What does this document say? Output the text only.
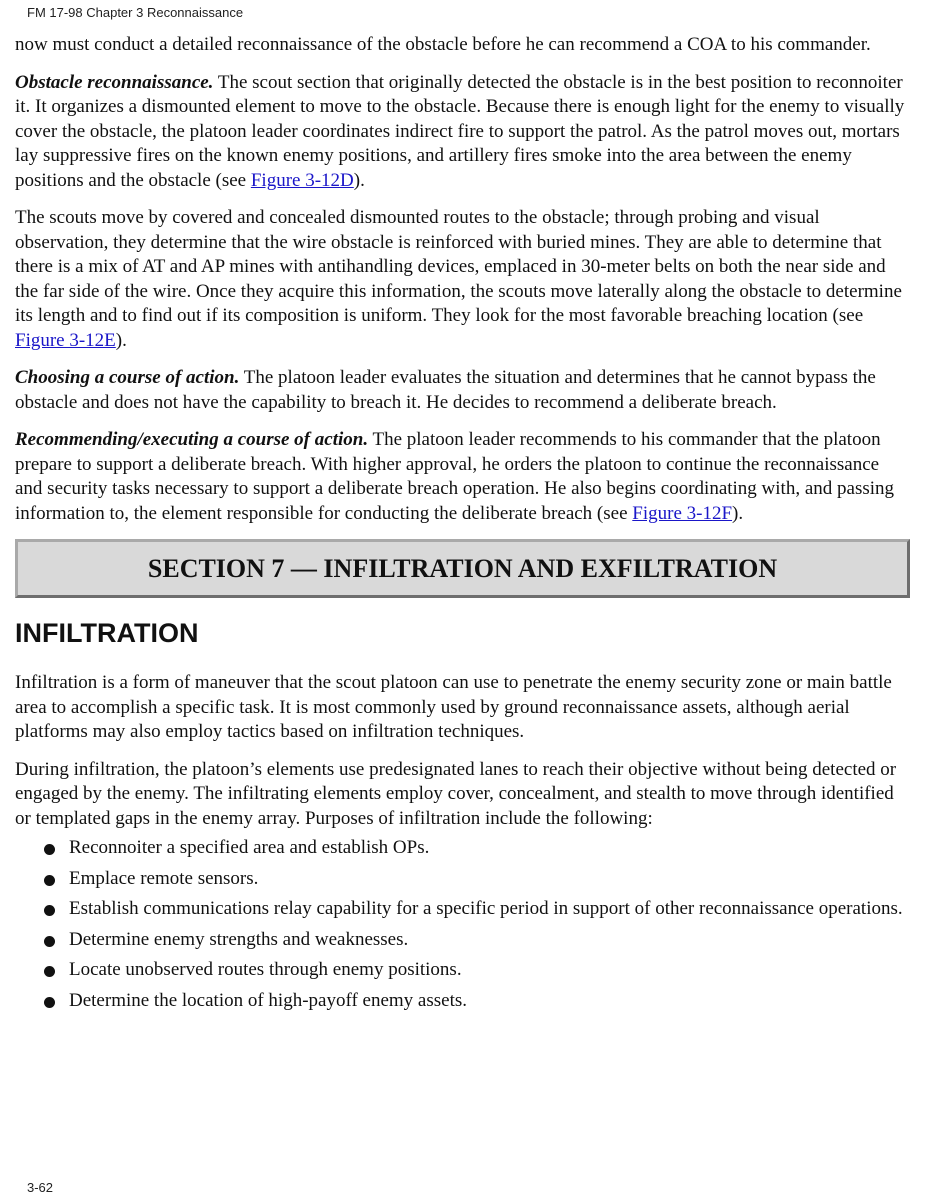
FM 17-98 Chapter 3 Reconnaissance

now must conduct a detailed reconnaissance of the obstacle before he can recommend a COA to his commander.

Obstacle reconnaissance. The scout section that originally detected the obstacle is in the best position to reconnoiter it. It organizes a dismounted element to move to the obstacle. Because there is enough light for the enemy to visually cover the obstacle, the platoon leader coordinates indirect fire to support the patrol. As the patrol moves out, mortars lay suppressive fires on the known enemy positions, and artillery fires smoke into the area between the enemy positions and the obstacle (see Figure 3-12D).

The scouts move by covered and concealed dismounted routes to the obstacle; through probing and visual observation, they determine that the wire obstacle is reinforced with buried mines. They are able to determine that there is a mix of AT and AP mines with antihandling devices, emplaced in 30-meter belts on both the near side and the far side of the wire. Once they acquire this information, the scouts move laterally along the obstacle to determine its length and to find out if its composition is uniform. They look for the most favorable breaching location (see Figure 3-12E).

Choosing a course of action. The platoon leader evaluates the situation and determines that he cannot bypass the obstacle and does not have the capability to breach it. He decides to recommend a deliberate breach.

Recommending/executing a course of action. The platoon leader recommends to his commander that the platoon prepare to support a deliberate breach. With higher approval, he orders the platoon to continue the reconnaissance and security tasks necessary to support a deliberate breach operation. He also begins coordinating with, and passing information to, the element responsible for conducting the deliberate breach (see Figure 3-12F).

SECTION 7 — INFILTRATION AND EXFILTRATION
INFILTRATION

Infiltration is a form of maneuver that the scout platoon can use to penetrate the enemy security zone or main battle area to accomplish a specific task. It is most commonly used by ground reconnaissance assets, although aerial platforms may also employ tactics based on infiltration techniques.

During infiltration, the platoon’s elements use predesignated lanes to reach their objective without being detected or engaged by the enemy. The infiltrating elements employ cover, concealment, and stealth to move through identified or templated gaps in the enemy array. Purposes of infiltration include the following:

Reconnoiter a specified area and establish OPs.
Emplace remote sensors.
Establish communications relay capability for a specific period in support of other reconnaissance operations.
Determine enemy strengths and weaknesses.
Locate unobserved routes through enemy positions.
Determine the location of high-payoff enemy assets.
3-62
